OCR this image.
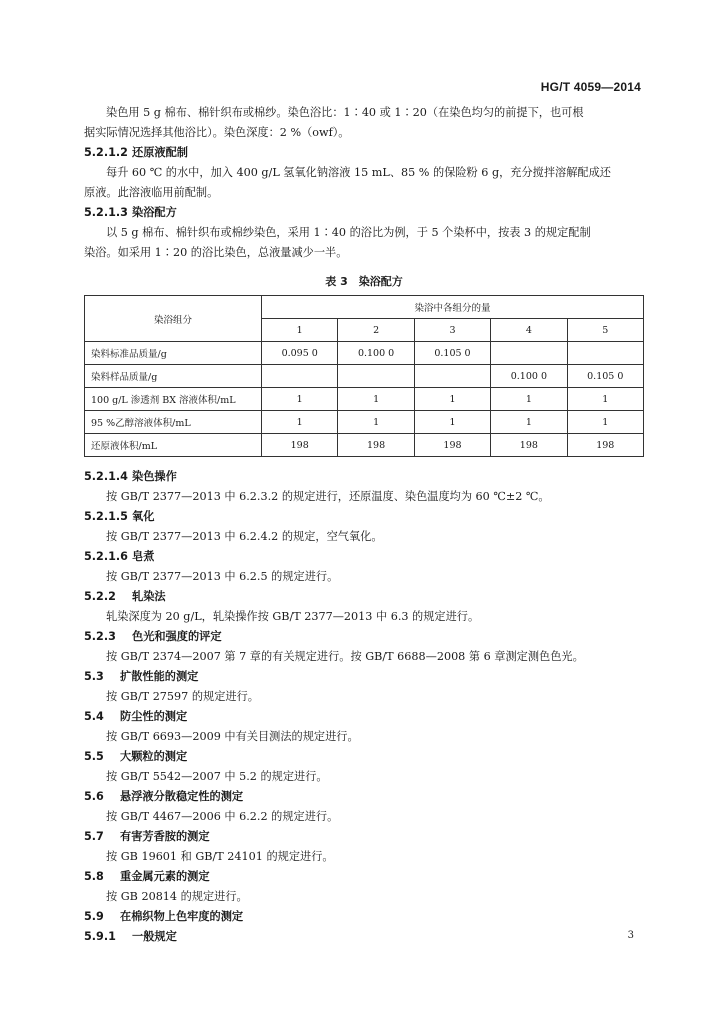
HG/T 4059—2014

染色用 5 g 棉布、棉针织布或棉纱。染色浴比：1∶40 或 1∶20（在染色均匀的前提下，也可根

据实际情况选择其他浴比）。染色深度：2 %（owf）。

5.2.1.2 还原液配制

每升 60 ℃ 的水中，加入 400 g/L 氢氧化钠溶液 15 mL、85 % 的保险粉 6 g，充分搅拌溶解配成还

原液。此溶液临用前配制。

5.2.1.3 染浴配方

以 5 g 棉布、棉针织布或棉纱染色，采用 1∶40 的浴比为例，于 5 个染杯中，按表 3 的规定配制

染浴。如采用 1∶20 的浴比染色，总液量减少一半。

表 3　染浴配方
染浴组分	染浴中各组分的量				
	1	2	3	4	5
染料标准品质量/g	0.095 0	0.100 0	0.105 0		
染料样品质量/g				0.100 0	0.105 0
100 g/L 渗透剂 BX 溶液体积/mL	1	1	1	1	1
95 %乙醇溶液体积/mL	1	1	1	1	1
还原液体积/mL	198	198	198	198	198
5.2.1.4 染色操作

按 GB/T 2377—2013 中 6.2.3.2 的规定进行，还原温度、染色温度均为 60 ℃±2 ℃。

5.2.1.5 氧化

按 GB/T 2377—2013 中 6.2.4.2 的规定，空气氧化。

5.2.1.6 皂煮

按 GB/T 2377—2013 中 6.2.5 的规定进行。

5.2.2 轧染法

轧染深度为 20 g/L，轧染操作按 GB/T 2377—2013 中 6.3 的规定进行。

5.2.3 色光和强度的评定

按 GB/T 2374—2007 第 7 章的有关规定进行。按 GB/T 6688—2008 第 6 章测定测色色光。

5.3 扩散性能的测定

按 GB/T 27597 的规定进行。

5.4 防尘性的测定

按 GB/T 6693—2009 中有关目测法的规定进行。

5.5 大颗粒的测定

按 GB/T 5542—2007 中 5.2 的规定进行。

5.6 悬浮液分散稳定性的测定

按 GB/T 4467—2006 中 6.2.2 的规定进行。

5.7 有害芳香胺的测定

按 GB 19601 和 GB/T 24101 的规定进行。

5.8 重金属元素的测定

按 GB 20814 的规定进行。

5.9 在棉织物上色牢度的测定
5.9.1 一般规定	3
